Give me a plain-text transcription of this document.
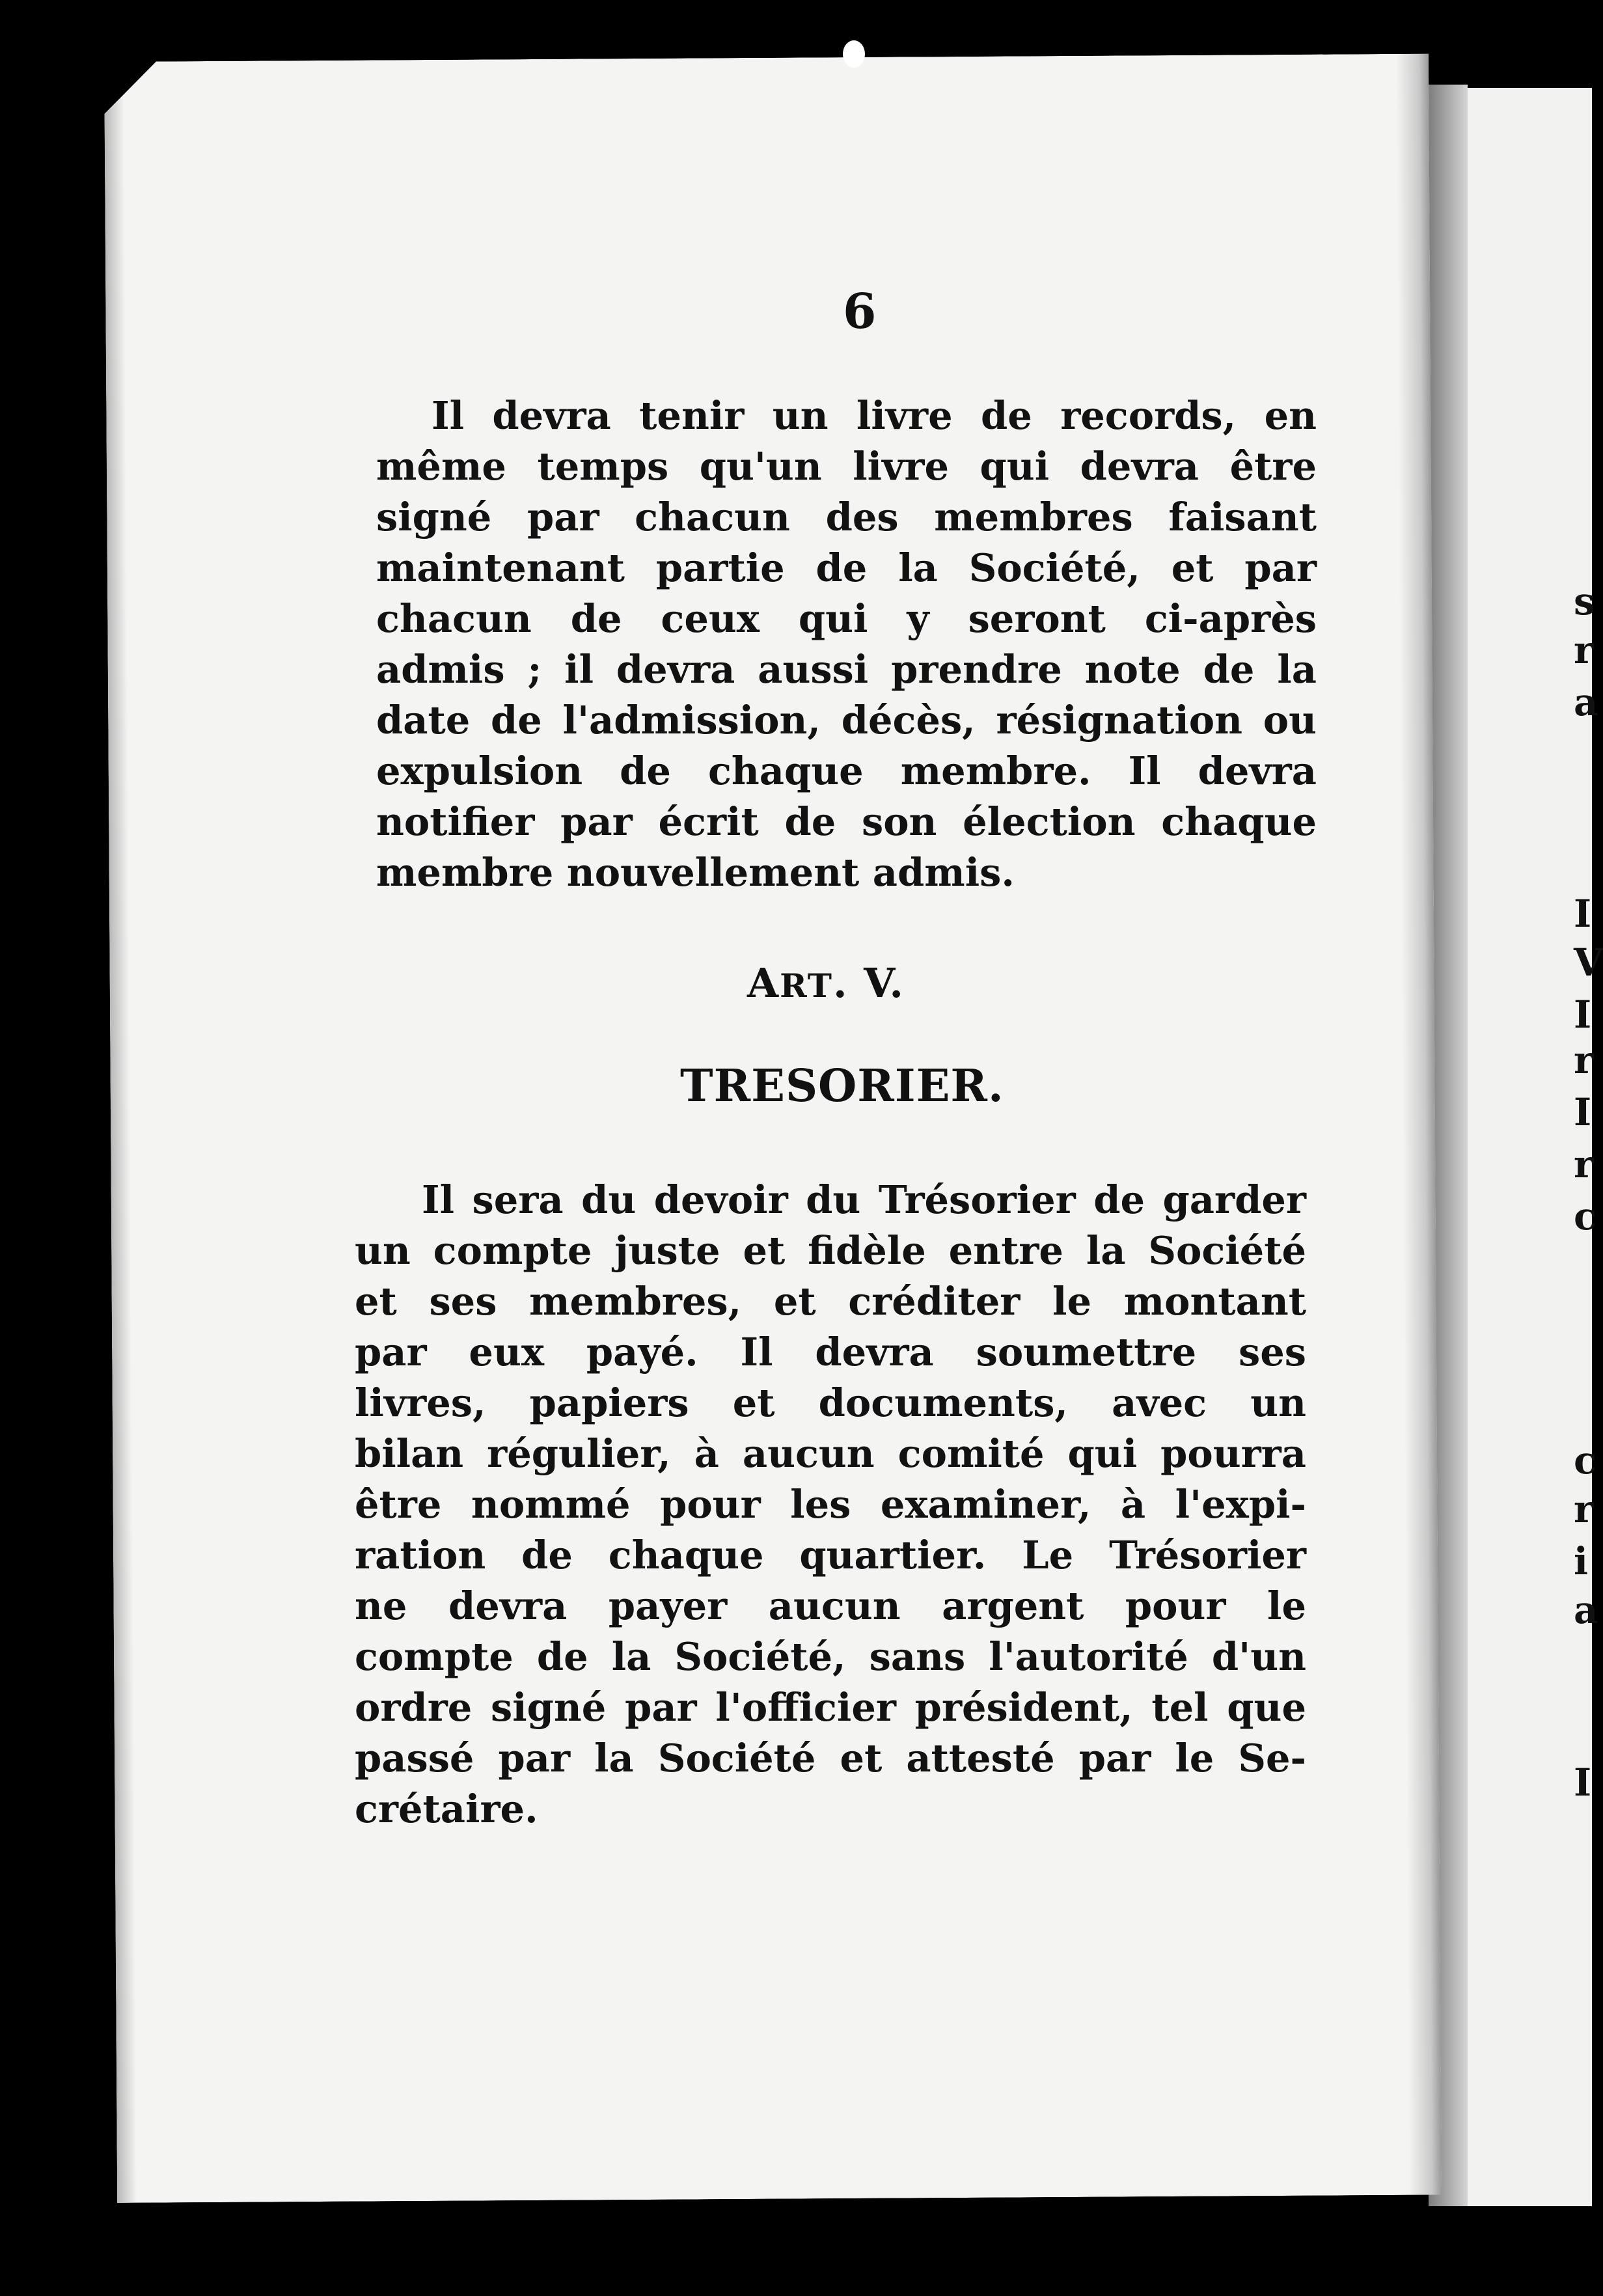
s
r
a
I
V
I
r
I
r
c
c
r
i
a
I
6
Il devra tenir un livre de records, en
même temps qu'un livre qui devra être
signé par chacun des membres faisant
maintenant partie de la Société, et par
chacun de ceux qui y seront ci-après
admis ; il devra aussi prendre note de la
date de l'admission, décès, résignation ou
expulsion de chaque membre. Il devra
notifier par écrit de son élection chaque
membre nouvellement admis.
ART. V.
TRESORIER.
Il sera du devoir du Trésorier de garder
un compte juste et fidèle entre la Société
et ses membres, et créditer le montant
par eux payé. Il devra soumettre ses
livres, papiers et documents, avec un
bilan régulier, à aucun comité qui pourra
être nommé pour les examiner, à l'expi-
ration de chaque quartier. Le Trésorier
ne devra payer aucun argent pour le
compte de la Société, sans l'autorité d'un
ordre signé par l'officier président, tel que
passé par la Société et attesté par le Se-
crétaire.
